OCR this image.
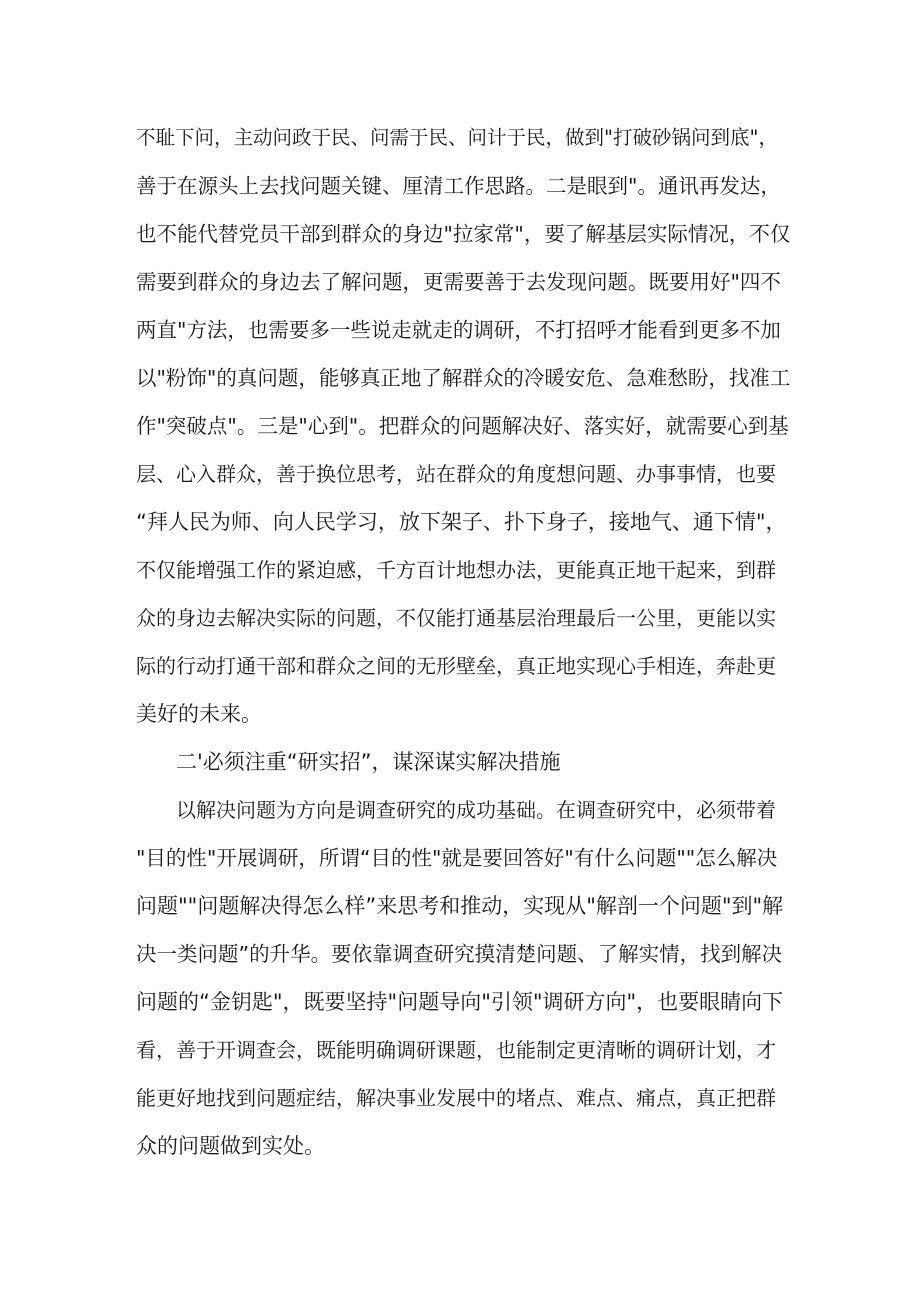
不耻下问，主动问政于民、问需于民、问计于民，做到"打破砂锅问到底"，
善于在源头上去找问题关键、厘清工作思路。二是眼到"。通讯再发达，
也不能代替党员干部到群众的身边"拉家常"，要了解基层实际情况，不仅
需要到群众的身边去了解问题，更需要善于去发现问题。既要用好"四不
两直"方法，也需要多一些说走就走的调研，不打招呼才能看到更多不加
以"粉饰"的真问题，能够真正地了解群众的冷暖安危、急难愁盼，找准工
作"突破点"。三是"心到"。把群众的问题解决好、落实好，就需要心到基
层、心入群众，善于换位思考，站在群众的角度想问题、办事事情，也要
“拜人民为师、向人民学习，放下架子、扑下身子，接地气、通下情"，
不仅能增强工作的紧迫感，千方百计地想办法，更能真正地干起来，到群
众的身边去解决实际的问题，不仅能打通基层治理最后一公里，更能以实
际的行动打通干部和群众之间的无形壁垒，真正地实现心手相连，奔赴更
美好的未来。
二'必须注重“研实招”，谋深谋实解决措施
以解决问题为方向是调查研究的成功基础。在调查研究中，必须带着
"目的性"开展调研，所谓“目的性"就是要回答好"有什么问题""怎么解决
问题""问题解决得怎么样”来思考和推动，实现从"解剖一个问题"到"解
决一类问题”的升华。要依靠调查研究摸清楚问题、了解实情，找到解决
问题的“金钥匙"，既要坚持"问题导向"引领"调研方向"，也要眼睛向下
看，善于开调查会，既能明确调研课题，也能制定更清晰的调研计划，才
能更好地找到问题症结，解决事业发展中的堵点、难点、痛点，真正把群
众的问题做到实处。
